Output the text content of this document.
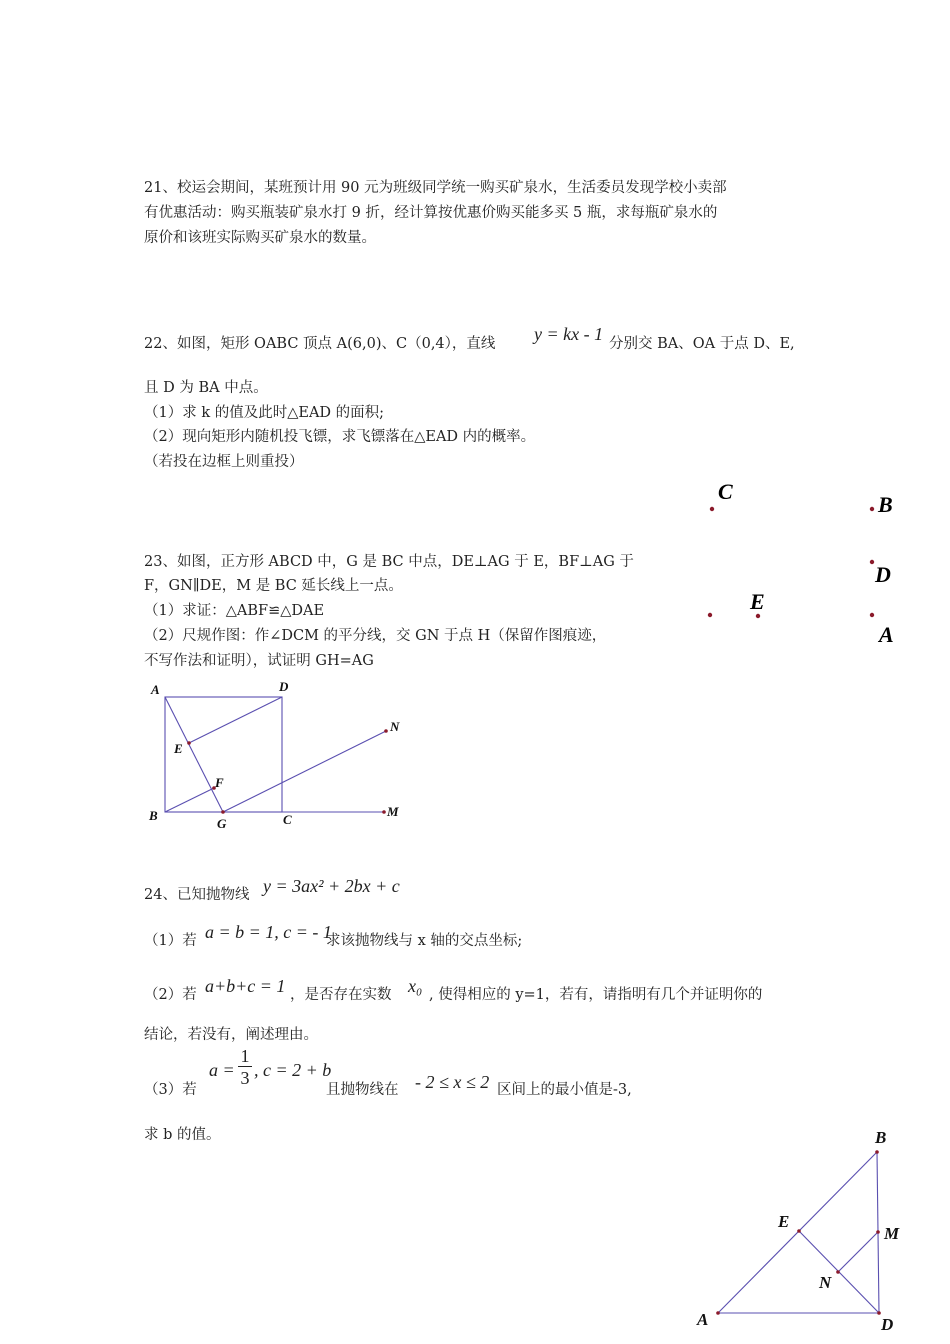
21、校运会期间，某班预计用 90 元为班级同学统一购买矿泉水，生活委员发现学校小卖部
有优惠活动：购买瓶装矿泉水打 9 折，经计算按优惠价购买能多买 5 瓶，求每瓶矿泉水的
原价和该班实际购买矿泉水的数量。
22、如图，矩形 OABC 顶点 A(6,0)、C（0,4），直线 y = kx - 1 分别交 BA、OA 于点 D、E,
且 D 为 BA 中点。
（1）求 k 的值及此时△EAD 的面积;
（2）现向矩形内随机投飞镖，求飞镖落在△EAD 内的概率。
（若投在边框上则重投）
23、如图，正方形 ABCD 中，G 是 BC 中点，DE⊥AG 于 E，BF⊥AG 于
F，GN∥DE，M 是 BC 延长线上一点。
（1）求证：△ABF≌△DAE
（2）尺规作图：作∠DCM 的平分线，交 GN 于点 H（保留作图痕迹，
不写作法和证明），试证明 GH=AG
24、已知抛物线 y = 3ax² + 2bx + c
（1）若 a = b = 1, c = - 1
求该抛物线与 x 轴的交点坐标;
（2）若 a+b+c = 1 ，是否存在实数 x₀ , 使得相应的 y=1，若有，请指明有几个并证明你的
结论，若没有，阐述理由。
（3）若
a =
1
3 , c = 2 + b
且抛物线在 - 2 ≤ x ≤ 2 区间上的最小值是-3,
求 b 的值。
C
B
D
E
A
A	D
E
F
N
B
G	C
M
B
E
M
N
A	D
